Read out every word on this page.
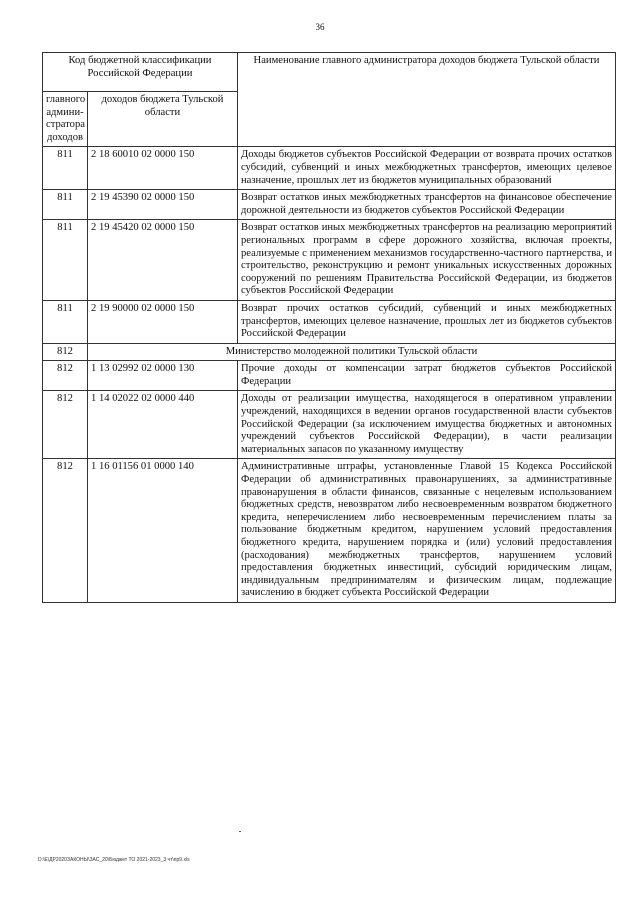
36
Код бюджетной классификации Российской Федерации		Наименование главного администратора доходов бюджета Тульской области
главного админи-стратора доходов	доходов бюджета Тульской области	
811	2 18 60010 02 0000 150	Доходы бюджетов субъектов Российской Федерации от возврата прочих остатков субсидий, субвенций и иных межбюджетных трансфертов, имеющих целевое назначение, прошлых лет из бюджетов муниципальных образований
811	2 19 45390 02 0000 150	Возврат остатков иных межбюджетных трансфертов на финансовое обеспечение дорожной деятельности из бюджетов субъектов Российской Федерации
811	2 19 45420 02 0000 150	Возврат остатков иных межбюджетных трансфертов на реализацию мероприятий региональных программ в сфере дорожного хозяйства, включая проекты, реализуемые с применением механизмов государственно-частного партнерства, и строительство, реконструкцию и ремонт уникальных искусственных дорожных сооружений по решениям Правительства Российской Федерации, из бюджетов субъектов Российской Федерации
811	2 19 90000 02 0000 150	Возврат прочих остатков субсидий, субвенций и иных межбюджетных трансфертов, имеющих целевое назначение, прошлых лет из бюджетов субъектов Российской Федерации
812	Министерство молодежной политики Тульской области	
812	1 13 02992 02 0000 130	Прочие доходы от компенсации затрат бюджетов субъектов Российской Федерации
812	1 14 02022 02 0000 440	Доходы от реализации имущества, находящегося в оперативном управлении учреждений, находящихся в ведении органов государственной власти субъектов Российской Федерации (за исключением имущества бюджетных и автономных учреждений субъектов Российской Федерации), в части реализации материальных запасов по указанному имуществу
812	1 16 01156 01 0000 140	Административные штрафы, установленные Главой 15 Кодекса Российской Федерации об административных правонарушениях, за административные правонарушения в области финансов, связанные с нецелевым использованием бюджетных средств, невозвратом либо несвоевременным возвратом бюджетного кредита, неперечислением либо несвоевременным перечислением платы за пользование бюджетным кредитом, нарушением условий предоставления бюджетного кредита, нарушением порядка и (или) условий предоставления (расходования) межбюджетных трансфертов, нарушением условий предоставления бюджетных инвестиций, субсидий юридическим лицам, индивидуальным предпринимателям и физическим лицам, подлежащие зачислению в бюджет субъекта Российской Федерации
D:\Е\ДР2020ЗАКОНЫ\ЗАС_20\Бюджет ТО 2021-2023_3 чт\пр9.xls
